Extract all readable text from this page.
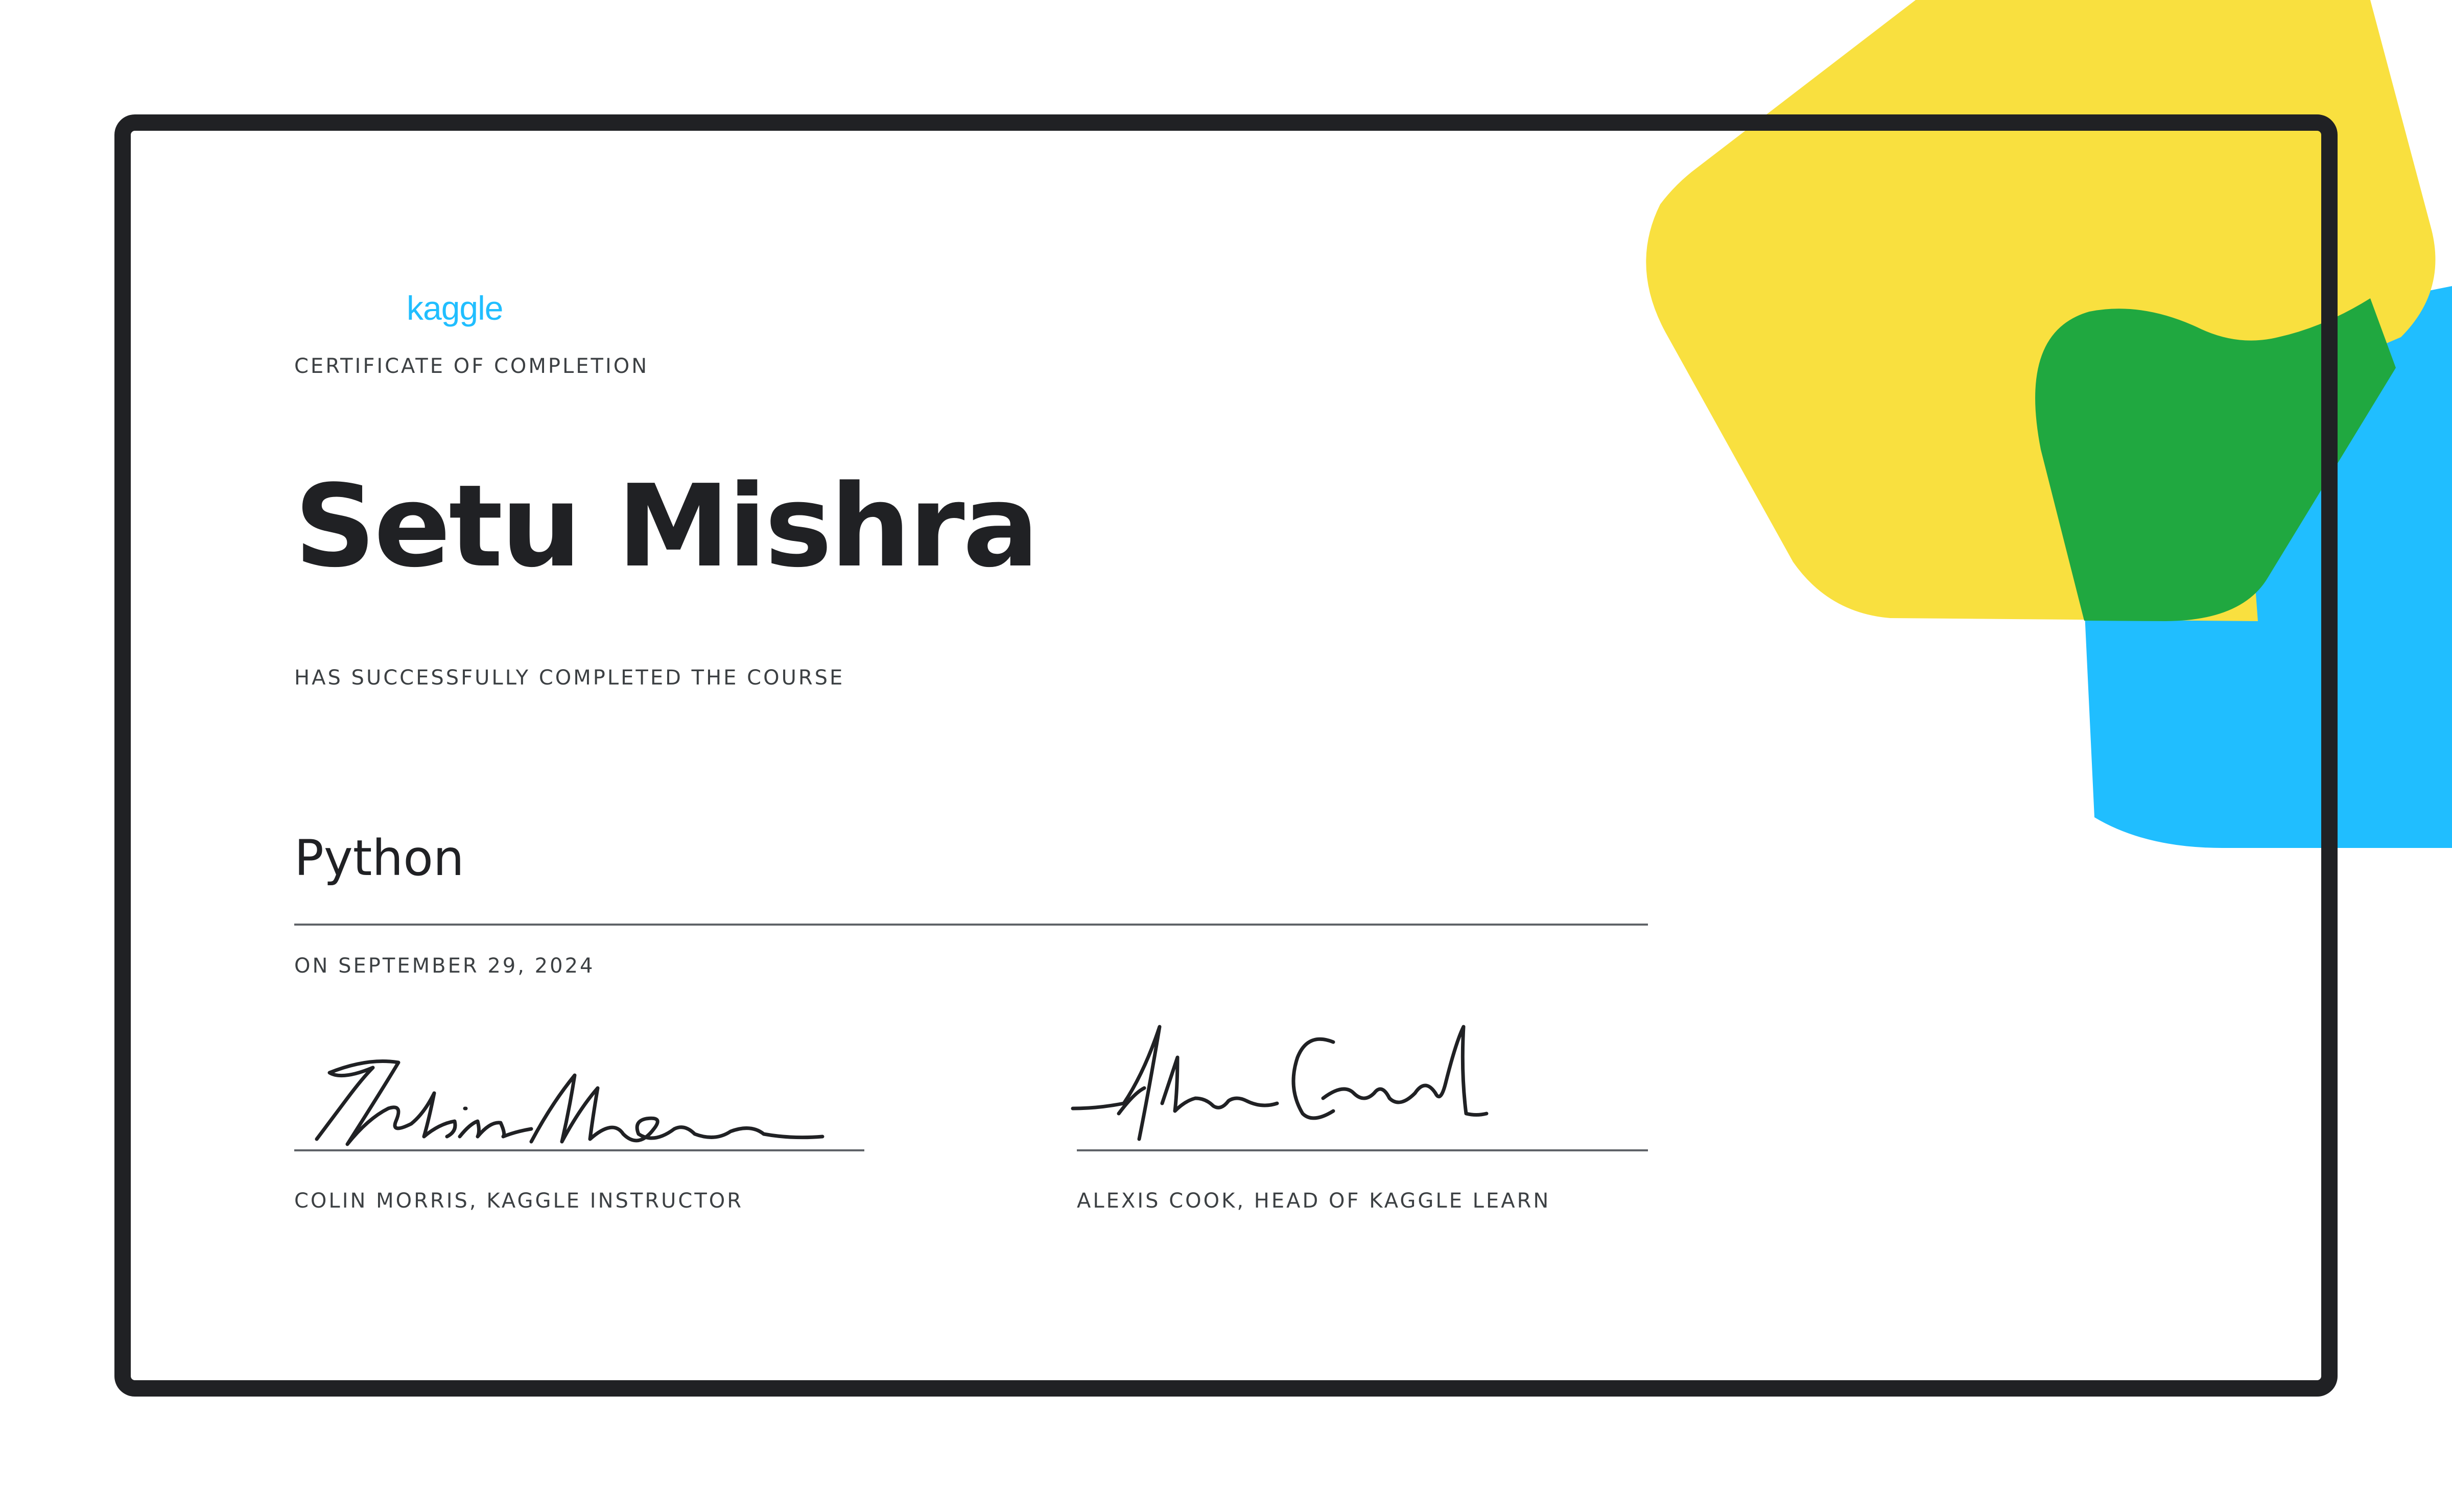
kaggle
CERTIFICATE OF COMPLETION
Setu Mishra
HAS SUCCESSFULLY COMPLETED THE COURSE
Python
ON SEPTEMBER 29, 2024
COLIN MORRIS, KAGGLE INSTRUCTOR	ALEXIS COOK, HEAD OF KAGGLE LEARN
